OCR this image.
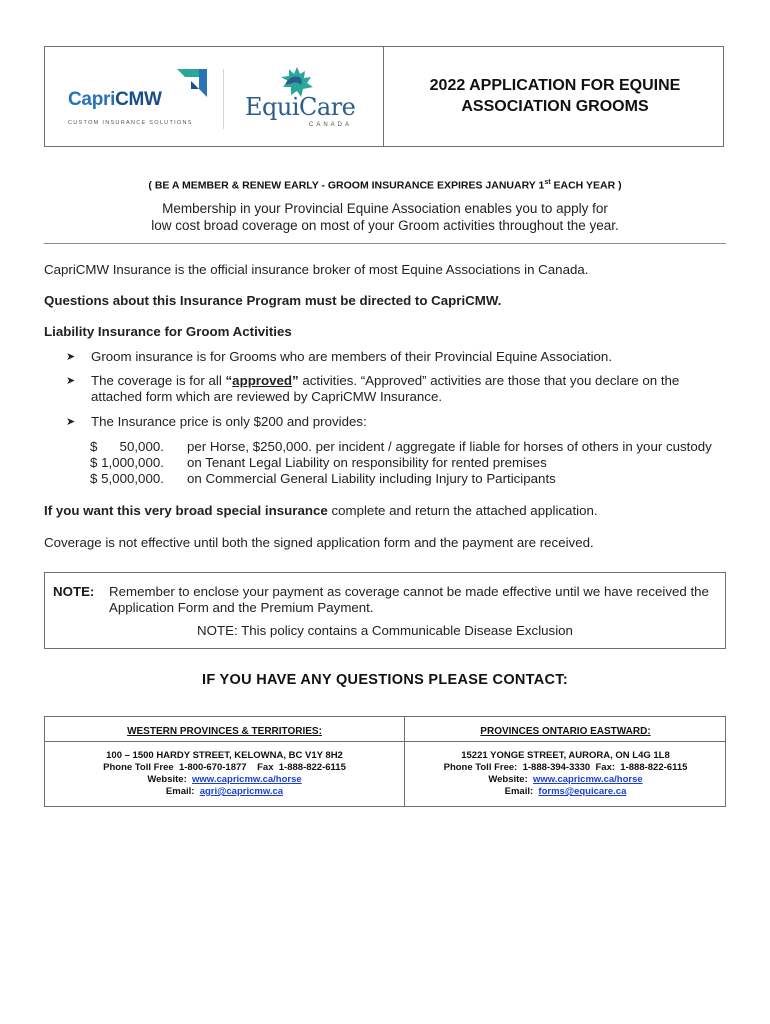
CapriCMW
CUSTOM INSURANCE SOLUTIONS
EquiCare
CANADA
2022 APPLICATION FOR EQUINE
ASSOCIATION GROOMS
( BE A MEMBER & RENEW EARLY - GROOM INSURANCE EXPIRES JANUARY 1st EACH YEAR )
Membership in your Provincial Equine Association enables you to apply for
low cost broad coverage on most of your Groom activities throughout the year.
CapriCMW Insurance is the official insurance broker of most Equine Associations in Canada.
Questions about this Insurance Program must be directed to CapriCMW.
Liability Insurance for Groom Activities
➤ Groom insurance is for Grooms who are members of their Provincial Equine Association.
➤ The coverage is for all “approved” activities. “Approved” activities are those that you declare on the attached form which are reviewed by CapriCMW Insurance.
➤ The Insurance price is only $200 and provides:
$      50,000.	per Horse, $250,000. per incident / aggregate if liable for horses of others in your custody
$ 1,000,000.	on Tenant Legal Liability on responsibility for rented premises
$ 5,000,000.	on Commercial General Liability including Injury to Participants
If you want this very broad special insurance complete and return the attached application.
Coverage is not effective until both the signed application form and the payment are received.
NOTE: Remember to enclose your payment as coverage cannot be made effective until we have received the Application Form and the Premium Payment.
NOTE: This policy contains a Communicable Disease Exclusion
IF YOU HAVE ANY QUESTIONS PLEASE CONTACT:
WESTERN PROVINCES & TERRITORIES:
100 – 1500 HARDY STREET, KELOWNA, BC V1Y 8H2
Phone Toll Free  1-800-670-1877    Fax  1-888-822-6115
Website:  www.capricmw.ca/horse
Email:  agri@capricmw.ca
PROVINCES ONTARIO EASTWARD:
15221 YONGE STREET, AURORA, ON L4G 1L8
Phone Toll Free:  1-888-394-3330  Fax:  1-888-822-6115
Website:  www.capricmw.ca/horse
Email:  forms@equicare.ca
